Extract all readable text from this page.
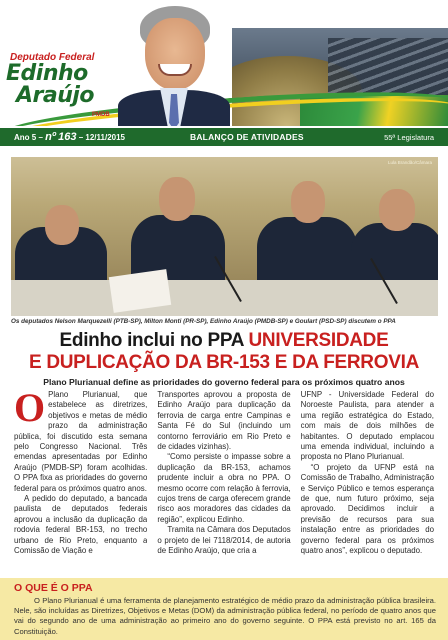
Deputado Federal
Edinho
Araújo
PMDB
Ano 5 – nº 163 – 12/11/2015	BALANÇO DE ATIVIDADES	55ª Legislatura
Lula Brandão/Câmara
Os deputados Nelson Marquezelli (PTB-SP), Milton Monti (PR-SP), Edinho Araújo (PMDB-SP) e Goulart (PSD-SP) discutem o PPA
Edinho inclui no PPA UNIVERSIDADE
E DUPLICAÇÃO DA BR-153 E DA FERROVIA
Plano Plurianual define as prioridades do governo federal para os próximos quatro anos

O Plano Plurianual, que estabelece as diretrizes, objetivos e metas de médio prazo da administração pública, foi discutido esta semana pelo Congresso Nacional. Três emendas apresentadas por Edinho Araújo (PMDB-SP) foram acolhidas. O PPA fixa as prioridades do governo federal para os próximos quatro anos.

A pedido do deputado, a bancada paulista de deputados federais aprovou a inclusão da duplicação da rodovia federal BR-153, no trecho urbano de Rio Preto, enquanto a Comissão de Viação e

Transportes aprovou a proposta de Edinho Araújo para duplicação da ferrovia de carga entre Campinas e Santa Fé do Sul (incluindo um contorno ferroviário em Rio Preto e de cidades vizinhas).

“Como persiste o impasse sobre a duplicação da BR-153, achamos prudente incluir a obra no PPA. O mesmo ocorre com relação à ferrovia, cujos trens de carga oferecem grande risco aos moradores das cidades da região”, explicou Edinho.

Tramita na Câmara dos Deputados o projeto de lei 7118/2014, de autoria de Edinho Araújo, que cria a

UFNP - Universidade Federal do Noroeste Paulista, para atender a uma região estratégica do Estado, com mais de dois milhões de habitantes. O deputado emplacou uma emenda individual, incluindo a proposta no Plano Plurianual.

“O projeto da UFNP está na Comissão de Trabalho, Administração e Serviço Público e temos esperança de que, num futuro próximo, seja aprovado. Decidimos incluir a previsão de recursos para sua instalação entre as prioridades do governo federal para os próximos quatro anos”, explicou o deputado.

O QUE É O PPA
O Plano Plurianual é uma ferramenta de planejamento estratégico de médio prazo da administração pública brasileira. Nele, são incluídas as Diretrizes, Objetivos e Metas (DOM) da administração pública federal, no período de quatro anos que vai do segundo ano de uma administração ao primeiro ano do governo seguinte. O PPA está previsto no art. 165 da Constituição.
